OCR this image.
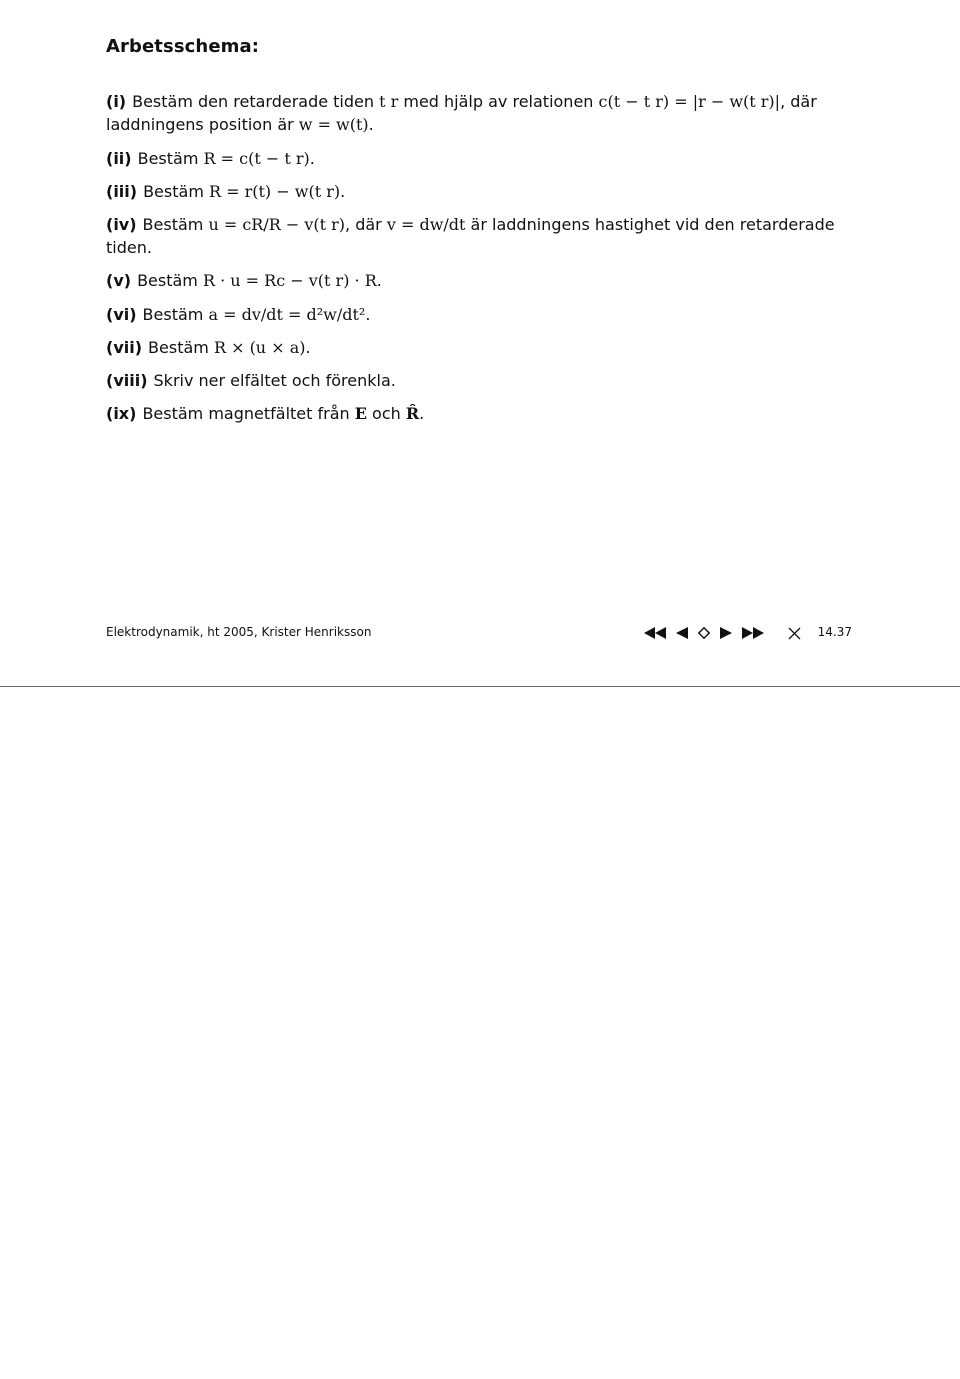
Arbetsschema:

(i) Bestäm den retarderade tiden t r med hjälp av relationen c(t − t r) = |r − w(t r)|, där laddningens position är w = w(t).

(ii) Bestäm R = c(t − t r).

(iii) Bestäm R = r(t) − w(t r).

(iv) Bestäm u = cR/R − v(t r), där v = dw/dt är laddningens hastighet vid den retarderade tiden.

(v) Bestäm R · u = Rc − v(t r) · R.

(vi) Bestäm a = dv/dt = d²w/dt².

(vii) Bestäm R × (u × a).

(viii) Skriv ner elfältet och förenkla.

(ix) Bestäm magnetfältet från E och R̂.

Elektrodynamik, ht 2005, Krister Henriksson	14.37
